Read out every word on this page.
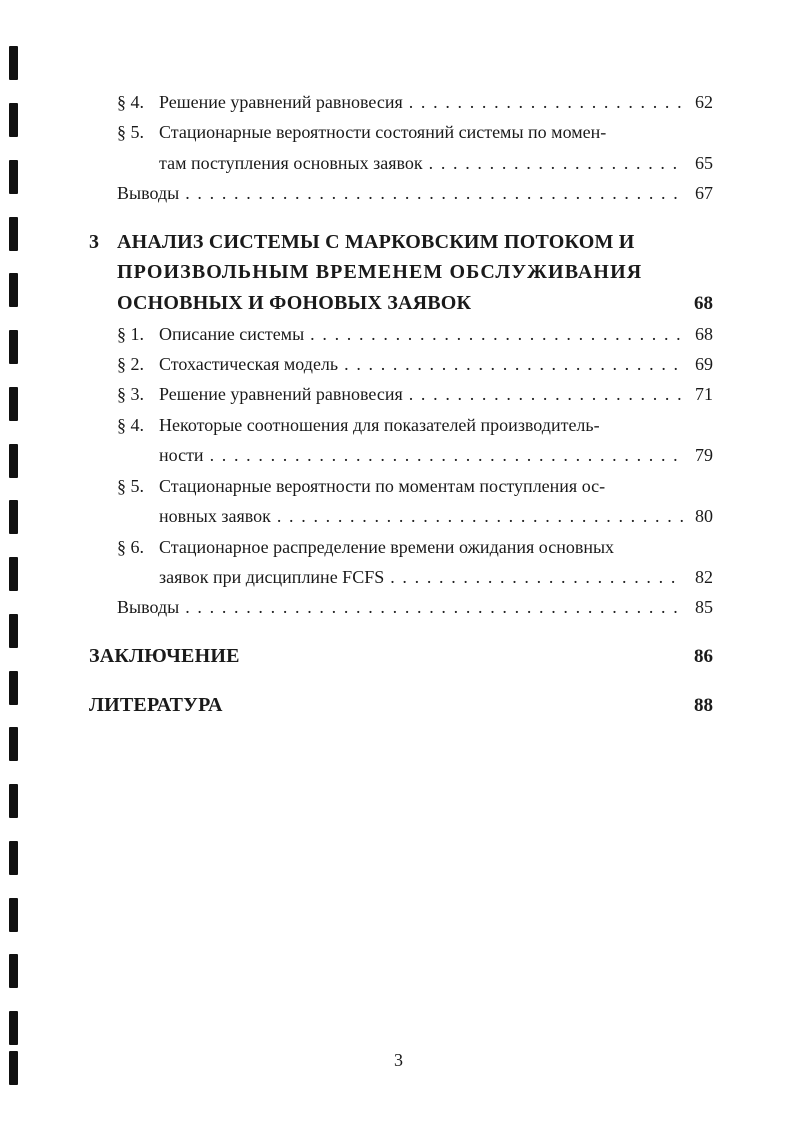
§ 4. Решение уравнений равновесия . . .	62
§ 5. Стационарные вероятности состояний системы по момен-
там поступления основных заявок . . .	65
Выводы . . .	67
3 АНАЛИЗ СИСТЕМЫ С МАРКОВСКИМ ПОТОКОМ И
ПРОИЗВОЛЬНЫМ ВРЕМЕНЕМ ОБСЛУЖИВАНИЯ
ОСНОВНЫХ И ФОНОВЫХ ЗАЯВОК	68
§ 1. Описание системы . . .	68
§ 2. Стохастическая модель . . .	69
§ 3. Решение уравнений равновесия . . .	71
§ 4. Некоторые соотношения для показателей производитель-
ности . . .	79
§ 5. Стационарные вероятности по моментам поступления ос-
новных заявок . . .	80
§ 6. Стационарное распределение времени ожидания основных
заявок при дисциплине FCFS . . .	82
Выводы . . .	85
ЗАКЛЮЧЕНИЕ	86
ЛИТЕРАТУРА	88
3
